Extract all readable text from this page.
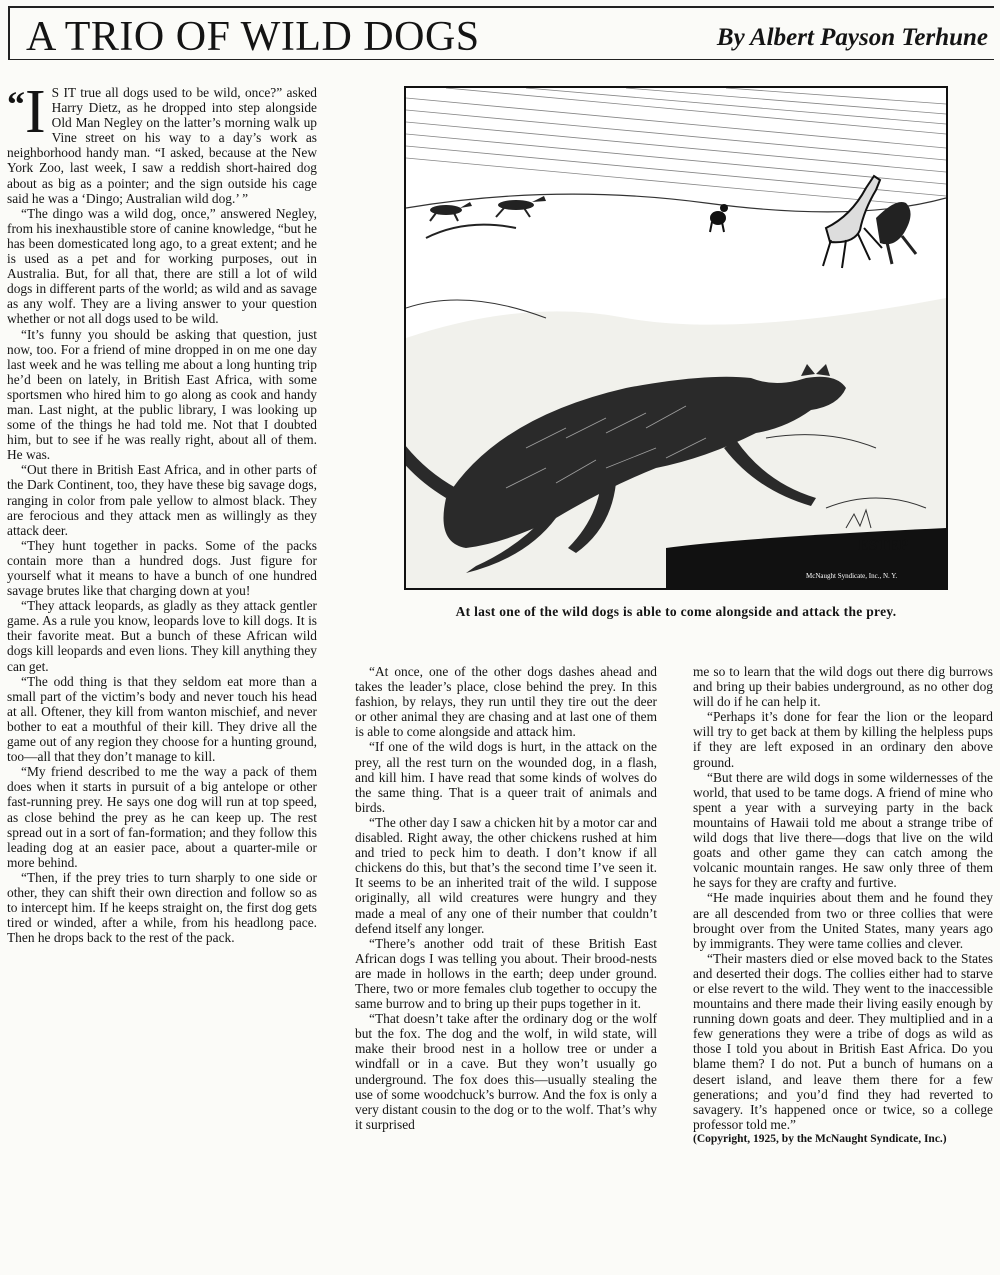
A TRIO OF WILD DOGS	By Albert Payson Terhune

“ I S IT true all dogs used to be wild, once?” asked Harry Dietz, as he dropped into step alongside Old Man Negley on the latter’s morning walk up Vine street on his way to a day’s work as neighborhood handy man. “I asked, because at the New York Zoo, last week, I saw a reddish short-haired dog about as big as a pointer; and the sign outside his cage said he was a ‘Dingo; Australian wild dog.’ ”

“The dingo was a wild dog, once,” answered Negley, from his inexhaustible store of canine knowledge, “but he has been domesticated long ago, to a great extent; and he is used as a pet and for working purposes, out in Australia. But, for all that, there are still a lot of wild dogs in different parts of the world; as wild and as savage as any wolf. They are a living answer to your question whether or not all dogs used to be wild.

“It’s funny you should be asking that question, just now, too. For a friend of mine dropped in on me one day last week and he was telling me about a long hunting trip he’d been on lately, in British East Africa, with some sportsmen who hired him to go along as cook and handy man. Last night, at the public library, I was looking up some of the things he had told me. Not that I doubted him, but to see if he was really right, about all of them. He was.

“Out there in British East Africa, and in other parts of the Dark Continent, too, they have these big savage dogs, ranging in color from pale yellow to almost black. They are ferocious and they attack men as willingly as they attack deer.

“They hunt together in packs. Some of the packs contain more than a hundred dogs. Just figure for yourself what it means to have a bunch of one hundred savage brutes like that charging down at you!

“They attack leopards, as gladly as they attack gentler game. As a rule you know, leopards love to kill dogs. It is their favorite meat. But a bunch of these African wild dogs kill leopards and even lions. They kill anything they can get.

“The odd thing is that they seldom eat more than a small part of the victim’s body and never touch his head at all. Oftener, they kill from wanton mischief, and never bother to eat a mouthful of their kill. They drive all the game out of any region they choose for a hunting ground, too—all that they don’t manage to kill.

“My friend described to me the way a pack of them does when it starts in pursuit of a big antelope or other fast-running prey. He says one dog will run at top speed, as close behind the prey as he can keep up. The rest spread out in a sort of fan-formation; and they follow this leading dog at an easier pace, about a quarter-mile or more behind.

“Then, if the prey tries to turn sharply to one side or other, they can shift their own direction and follow so as to intercept him. If he keeps straight on, the first dog gets tired or winded, after a while, from his headlong pace. Then he drops back to the rest of the pack.

ESTEP
McNaught Syndicate, Inc., N. Y.
At last one of the wild dogs is able to come alongside and attack the prey.

“At once, one of the other dogs dashes ahead and takes the leader’s place, close behind the prey. In this fashion, by relays, they run until they tire out the deer or other animal they are chasing and at last one of them is able to come alongside and attack him.

“If one of the wild dogs is hurt, in the attack on the prey, all the rest turn on the wounded dog, in a flash, and kill him. I have read that some kinds of wolves do the same thing. That is a queer trait of animals and birds.

“The other day I saw a chicken hit by a motor car and disabled. Right away, the other chickens rushed at him and tried to peck him to death. I don’t know if all chickens do this, but that’s the second time I’ve seen it. It seems to be an inherited trait of the wild. I suppose originally, all wild creatures were hungry and they made a meal of any one of their number that couldn’t defend itself any longer.

“There’s another odd trait of these British East African dogs I was telling you about. Their brood-nests are made in hollows in the earth; deep under ground. There, two or more females club together to occupy the same burrow and to bring up their pups together in it.

“That doesn’t take after the ordinary dog or the wolf but the fox. The dog and the wolf, in wild state, will make their brood nest in a hollow tree or under a windfall or in a cave. But they won’t usually go underground. The fox does this—usually stealing the use of some woodchuck’s burrow. And the fox is only a very distant cousin to the dog or to the wolf. That’s why it surprised

me so to learn that the wild dogs out there dig burrows and bring up their babies underground, as no other dog will do if he can help it.

“Perhaps it’s done for fear the lion or the leopard will try to get back at them by killing the helpless pups if they are left exposed in an ordinary den above ground.

“But there are wild dogs in some wildernesses of the world, that used to be tame dogs. A friend of mine who spent a year with a surveying party in the back mountains of Hawaii told me about a strange tribe of wild dogs that live there—dogs that live on the wild goats and other game they can catch among the volcanic mountain ranges. He saw only three of them he says for they are crafty and furtive.

“He made inquiries about them and he found they are all descended from two or three collies that were brought over from the United States, many years ago by immigrants. They were tame collies and clever.

“Their masters died or else moved back to the States and deserted their dogs. The collies either had to starve or else revert to the wild. They went to the inaccessible mountains and there made their living easily enough by running down goats and deer. They multiplied and in a few generations they were a tribe of dogs as wild as those I told you about in British East Africa. Do you blame them? I do not. Put a bunch of humans on a desert island, and leave them there for a few generations; and you’d find they had reverted to savagery. It’s happened once or twice, so a college professor told me.”

(Copyright, 1925, by the McNaught Syndicate, Inc.)
